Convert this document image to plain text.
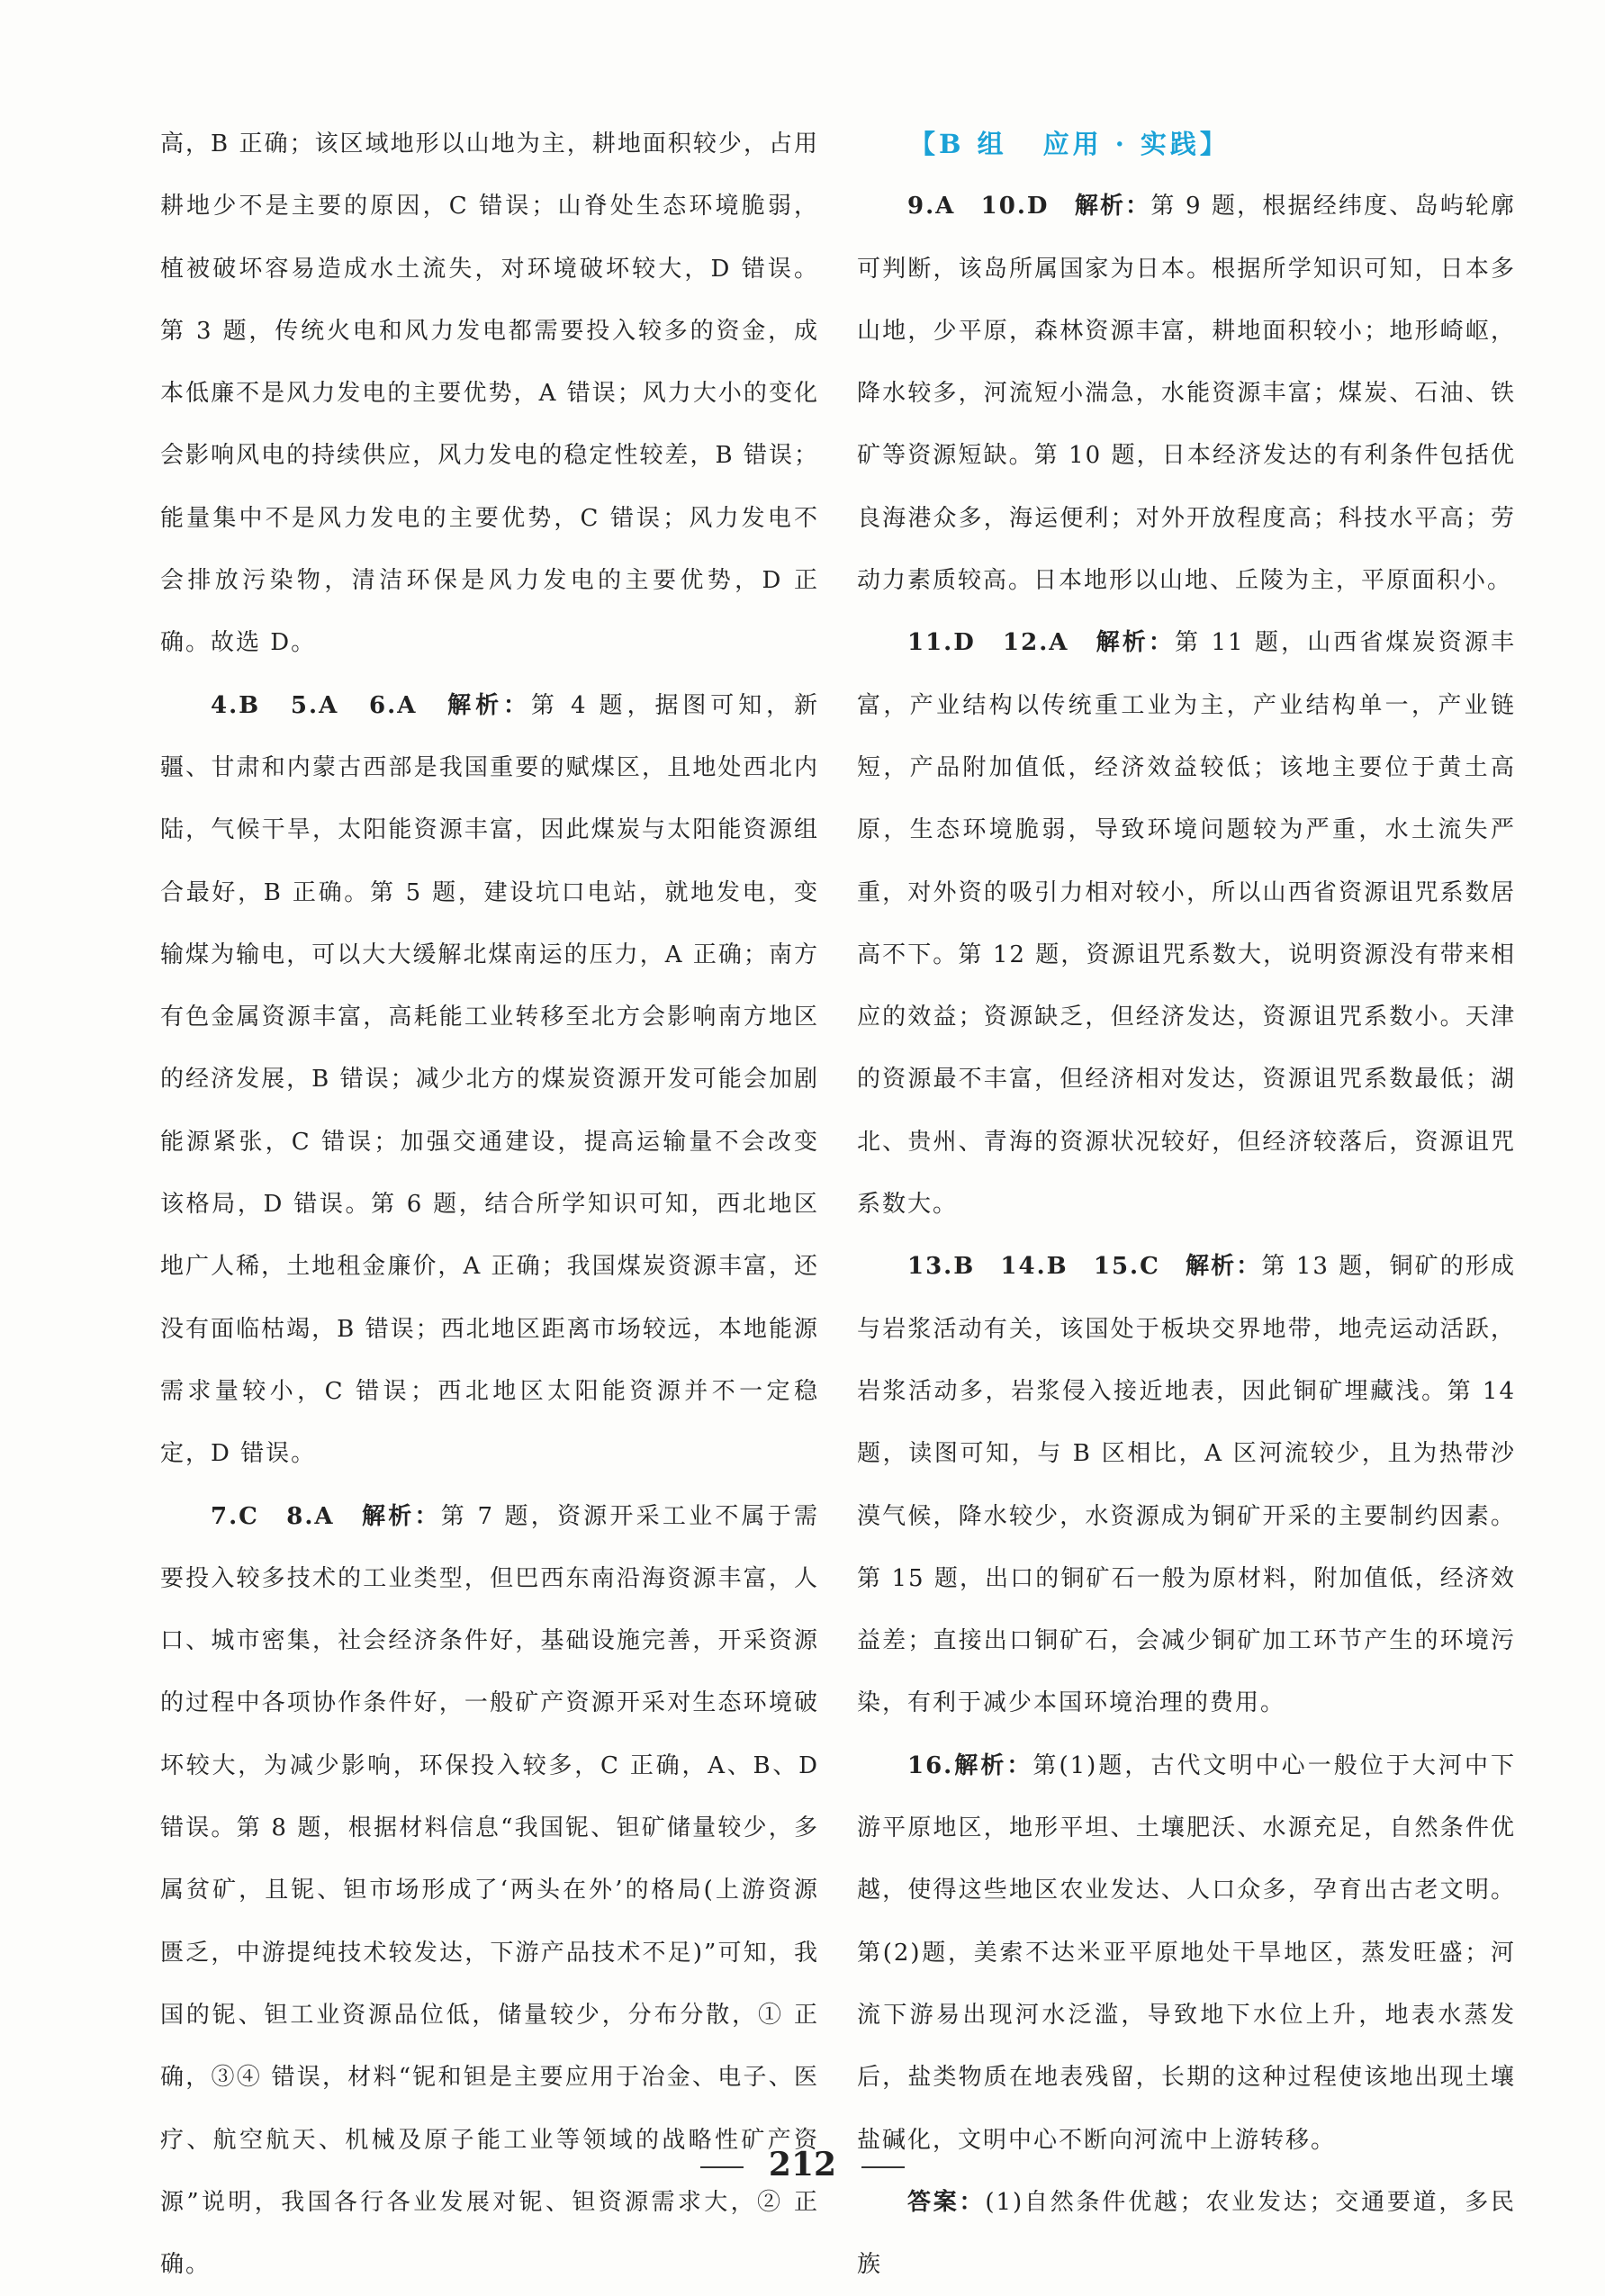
高，B 正确；该区域地形以山地为主，耕地面积较少，占用耕地少不是主要的原因，C 错误；山脊处生态环境脆弱，植被破坏容易造成水土流失，对环境破坏较大，D 错误。第 3 题，传统火电和风力发电都需要投入较多的资金，成本低廉不是风力发电的主要优势，A 错误；风力大小的变化会影响风电的持续供应，风力发电的稳定性较差，B 错误；能量集中不是风力发电的主要优势，C 错误；风力发电不会排放污染物，清洁环保是风力发电的主要优势，D 正确。故选 D。

4.B　5.A　6.A　解析：第 4 题，据图可知，新疆、甘肃和内蒙古西部是我国重要的赋煤区，且地处西北内陆，气候干旱，太阳能资源丰富，因此煤炭与太阳能资源组合最好，B 正确。第 5 题，建设坑口电站，就地发电，变输煤为输电，可以大大缓解北煤南运的压力，A 正确；南方有色金属资源丰富，高耗能工业转移至北方会影响南方地区的经济发展，B 错误；减少北方的煤炭资源开发可能会加剧能源紧张，C 错误；加强交通建设，提高运输量不会改变该格局，D 错误。第 6 题，结合所学知识可知，西北地区地广人稀，土地租金廉价，A 正确；我国煤炭资源丰富，还没有面临枯竭，B 错误；西北地区距离市场较远，本地能源需求量较小，C 错误；西北地区太阳能资源并不一定稳定，D 错误。

7.C　8.A　解析：第 7 题，资源开采工业不属于需要投入较多技术的工业类型，但巴西东南沿海资源丰富，人口、城市密集，社会经济条件好，基础设施完善，开采资源的过程中各项协作条件好，一般矿产资源开采对生态环境破坏较大，为减少影响，环保投入较多，C 正确，A、B、D 错误。第 8 题，根据材料信息“我国铌、钽矿储量较少，多属贫矿，且铌、钽市场形成了‘两头在外’的格局(上游资源匮乏，中游提纯技术较发达，下游产品技术不足)”可知，我国的铌、钽工业资源品位低，储量较少，分布分散，① 正确，③④ 错误，材料“铌和钽是主要应用于冶金、电子、医疗、航空航天、机械及原子能工业等领域的战略性矿产资源”说明，我国各行各业发展对铌、钽资源需求大，② 正确。

【B 组 应用 · 实践】

9.A　10.D　解析：第 9 题，根据经纬度、岛屿轮廓可判断，该岛所属国家为日本。根据所学知识可知，日本多山地，少平原，森林资源丰富，耕地面积较小；地形崎岖，降水较多，河流短小湍急，水能资源丰富；煤炭、石油、铁矿等资源短缺。第 10 题，日本经济发达的有利条件包括优良海港众多，海运便利；对外开放程度高；科技水平高；劳动力素质较高。日本地形以山地、丘陵为主，平原面积小。

11.D　12.A　解析：第 11 题，山西省煤炭资源丰富，产业结构以传统重工业为主，产业结构单一，产业链短，产品附加值低，经济效益较低；该地主要位于黄土高原，生态环境脆弱，导致环境问题较为严重，水土流失严重，对外资的吸引力相对较小，所以山西省资源诅咒系数居高不下。第 12 题，资源诅咒系数大，说明资源没有带来相应的效益；资源缺乏，但经济发达，资源诅咒系数小。天津的资源最不丰富，但经济相对发达，资源诅咒系数最低；湖北、贵州、青海的资源状况较好，但经济较落后，资源诅咒系数大。

13.B　14.B　15.C　解析：第 13 题，铜矿的形成与岩浆活动有关，该国处于板块交界地带，地壳运动活跃，岩浆活动多，岩浆侵入接近地表，因此铜矿埋藏浅。第 14 题，读图可知，与 B 区相比，A 区河流较少，且为热带沙漠气候，降水较少，水资源成为铜矿开采的主要制约因素。第 15 题，出口的铜矿石一般为原材料，附加值低，经济效益差；直接出口铜矿石，会减少铜矿加工环节产生的环境污染，有利于减少本国环境治理的费用。

16.解析：第(1)题，古代文明中心一般位于大河中下游平原地区，地形平坦、土壤肥沃、水源充足，自然条件优越，使得这些地区农业发达、人口众多，孕育出古老文明。第(2)题，美索不达米亚平原地处干旱地区，蒸发旺盛；河流下游易出现河水泛滥，导致地下水位上升，地表水蒸发后，盐类物质在地表残留，长期的这种过程使该地出现土壤盐碱化，文明中心不断向河流中上游转移。

答案：(1)自然条件优越；农业发达；交通要道，多民族

212
